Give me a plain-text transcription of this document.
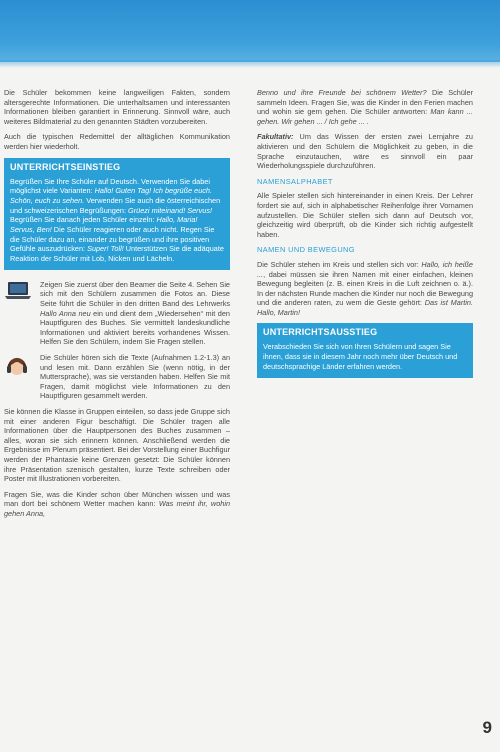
Die Schüler bekommen keine langweiligen Fakten, sondern altersgerechte Informationen. Die unterhaltsamen und interessanten Informationen bleiben garantiert in Erinnerung. Sinnvoll wäre, auch weiteres Bildmaterial zu den genannten Städten vorzubereiten.

Auch die typischen Redemittel der alltäglichen Kommunikation werden hier wiederholt.

UNTERRICHTSEINSTIEG

Begrüßen Sie Ihre Schüler auf Deutsch. Verwenden Sie dabei möglichst viele Varianten: Hallo! Guten Tag! Ich begrüße euch. Schön, euch zu sehen. Verwenden Sie auch die österreichischen und schweizerischen Begrüßungen: Grüezi miteinand! Servus! Begrüßen Sie danach jeden Schüler einzeln: Hallo, Maria! Servus, Ben! Die Schüler reagieren oder auch nicht. Regen Sie die Schüler dazu an, einander zu begrüßen und ihre positiven Gefühle auszudrücken: Super! Toll! Unterstützen Sie die adäquate Reaktion der Schüler mit Lob, Nicken und Lächeln.

Zeigen Sie zuerst über den Beamer die Seite 4. Sehen Sie sich mit den Schülern zusammen die Fotos an. Diese Seite führt die Schüler in den dritten Band des Lehrwerks Hallo Anna neu ein und dient dem „Wiedersehen“ mit den Hauptfiguren des Buches. Sie vermittelt landeskundliche Informationen und aktiviert bereits vorhandenes Wissen. Helfen Sie den Schülern, indem Sie Fragen stellen.

Die Schüler hören sich die Texte (Aufnahmen 1.2-1.3) an und lesen mit. Dann erzählen Sie (wenn nötig, in der Muttersprache), was sie verstanden haben. Helfen Sie mit Fragen, damit möglichst viele Informationen zu den Hauptfiguren gesammelt werden.

Sie können die Klasse in Gruppen einteilen, so dass jede Gruppe sich mit einer anderen Figur beschäftigt. Die Schüler tragen alle Informationen über die Hauptpersonen des Buches zusammen – alles, woran sie sich erinnern können. Anschließend werden die Ergebnisse im Plenum präsentiert. Bei der Vorstellung einer Buchfigur werden der Phantasie keine Grenzen gesetzt: Die Schüler können ihre Präsentation szenisch gestalten, kurze Texte schreiben oder Poster mit Illustrationen vorbereiten.

Fragen Sie, was die Kinder schon über München wissen und was man dort bei schönem Wetter machen kann: Was meint ihr, wohin gehen Anna,

Benno und ihre Freunde bei schönem Wetter? Die Schüler sammeln Ideen. Fragen Sie, was die Kinder in den Ferien machen und wohin sie gern gehen. Die Schüler antworten: Man kann ... gehen. Wir gehen ... / Ich gehe ... .

Fakultativ: Um das Wissen der ersten zwei Lernjahre zu aktivieren und den Schülern die Möglichkeit zu geben, in die Sprache einzutauchen, wäre es sinnvoll ein paar Wiederholungsspiele durchzuführen.

NAMENSALPHABET

Alle Spieler stellen sich hintereinander in einen Kreis. Der Lehrer fordert sie auf, sich in alphabetischer Reihenfolge ihrer Vornamen aufzustellen. Die Schüler stellen sich dann auf Deutsch vor, gleichzeitig wird überprüft, ob die Kinder sich richtig aufgestellt haben.

NAMEN UND BEWEGUNG

Die Schüler stehen im Kreis und stellen sich vor: Hallo, ich heiße ..., dabei müssen sie ihren Namen mit einer einfachen, kleinen Bewegung begleiten (z. B. einen Kreis in die Luft zeichnen o. ä.). In der nächsten Runde machen die Kinder nur noch die Bewegung und die anderen raten, zu wem die Geste gehört: Das ist Martin. Hallo, Martin!

UNTERRICHTSAUSSTIEG

Verabschieden Sie sich von Ihren Schülern und sagen Sie ihnen, dass sie in diesem Jahr noch mehr über Deutsch und deutschsprachige Länder erfahren werden.

9
